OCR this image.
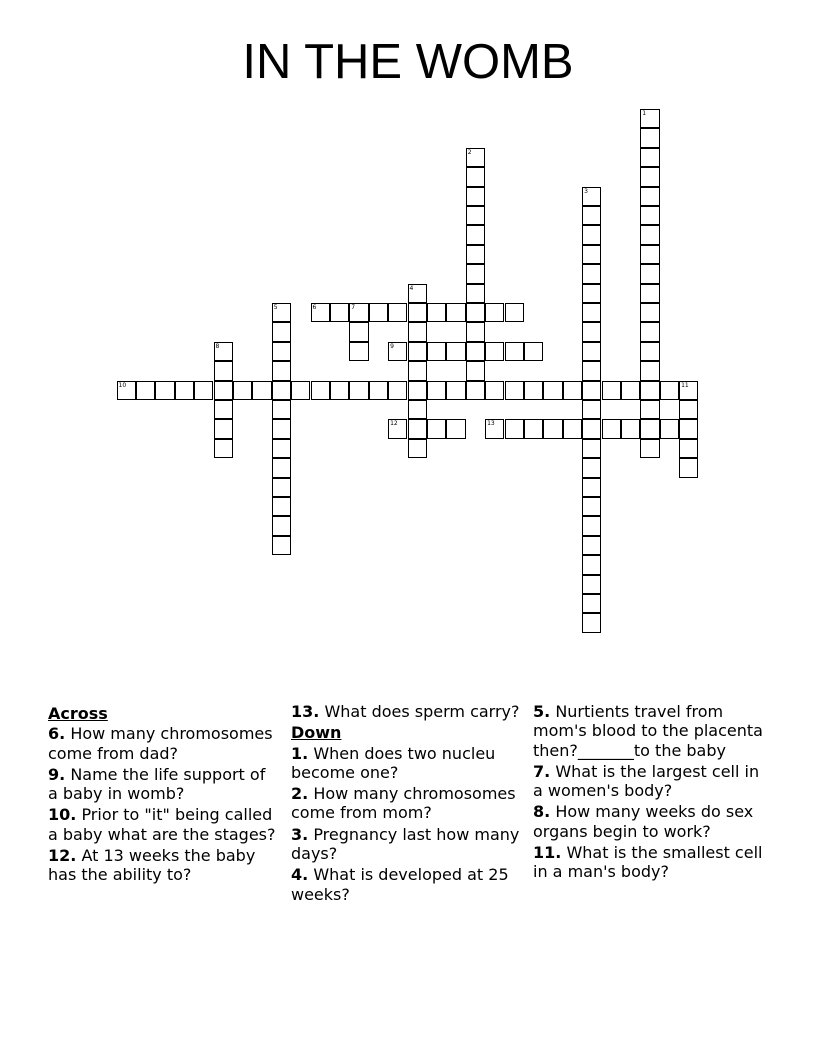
IN THE WOMB
1
2
3
4
5	6	7
8	9
10	11
12	13
Across
6. How many chromosomes come from dad?
9. Name the life support of a baby in womb?
10. Prior to "it" being called a baby what are the stages?
12. At 13 weeks the baby has the ability to?
13. What does sperm carry?
Down
1. When does two nucleu become one?
2. How many chromosomes come from mom?
3. Pregnancy last how many days?
4. What is developed at 25 weeks?
5. Nurtients travel from mom's blood to the placenta then?_______to the baby
7. What is the largest cell in a women's body?
8. How many weeks do sex organs begin to work?
11. What is the smallest cell in a man's body?
